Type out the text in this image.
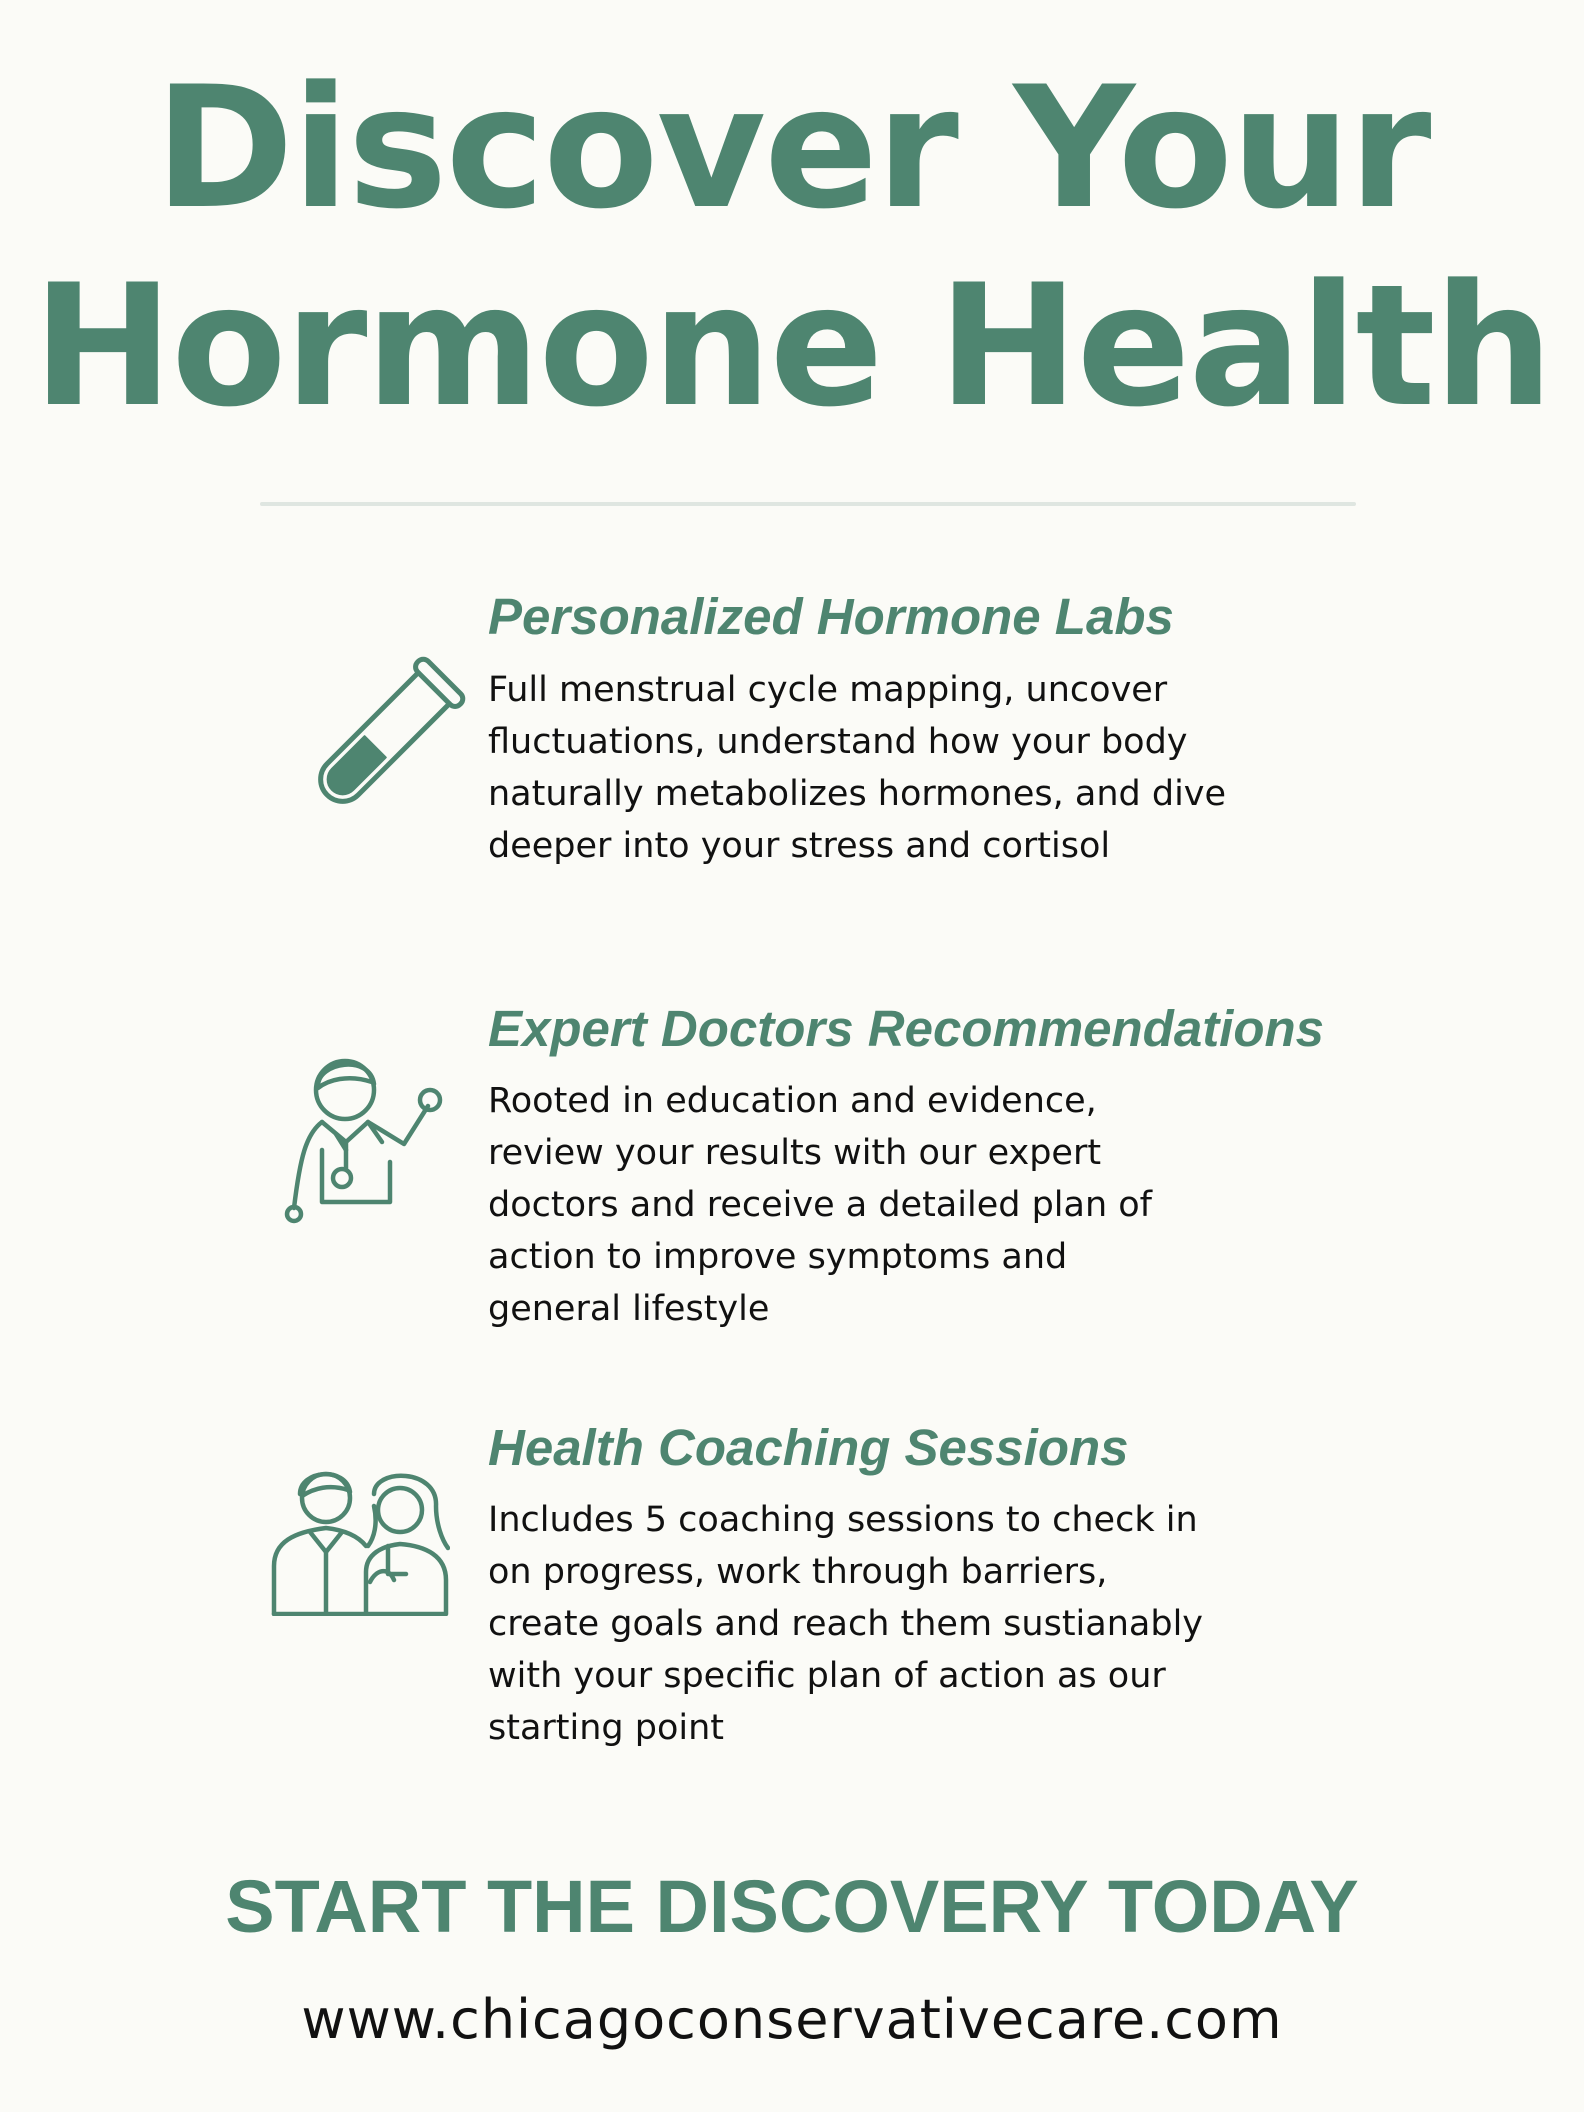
Discover Your
Hormone Health
Personalized Hormone Labs

Full menstrual cycle mapping, uncover
fluctuations, understand how your body
naturally metabolizes hormones, and dive
deeper into your stress and cortisol

Expert Doctors Recommendations

Rooted in education and evidence,
review your results with our expert
doctors and receive a detailed plan of
action to improve symptoms and
general lifestyle

Health Coaching Sessions

Includes 5 coaching sessions to check in
on progress, work through barriers,
create goals and reach them sustianably
with your specific plan of action as our
starting point

START THE DISCOVERY TODAY

www.chicagoconservativecare.com
